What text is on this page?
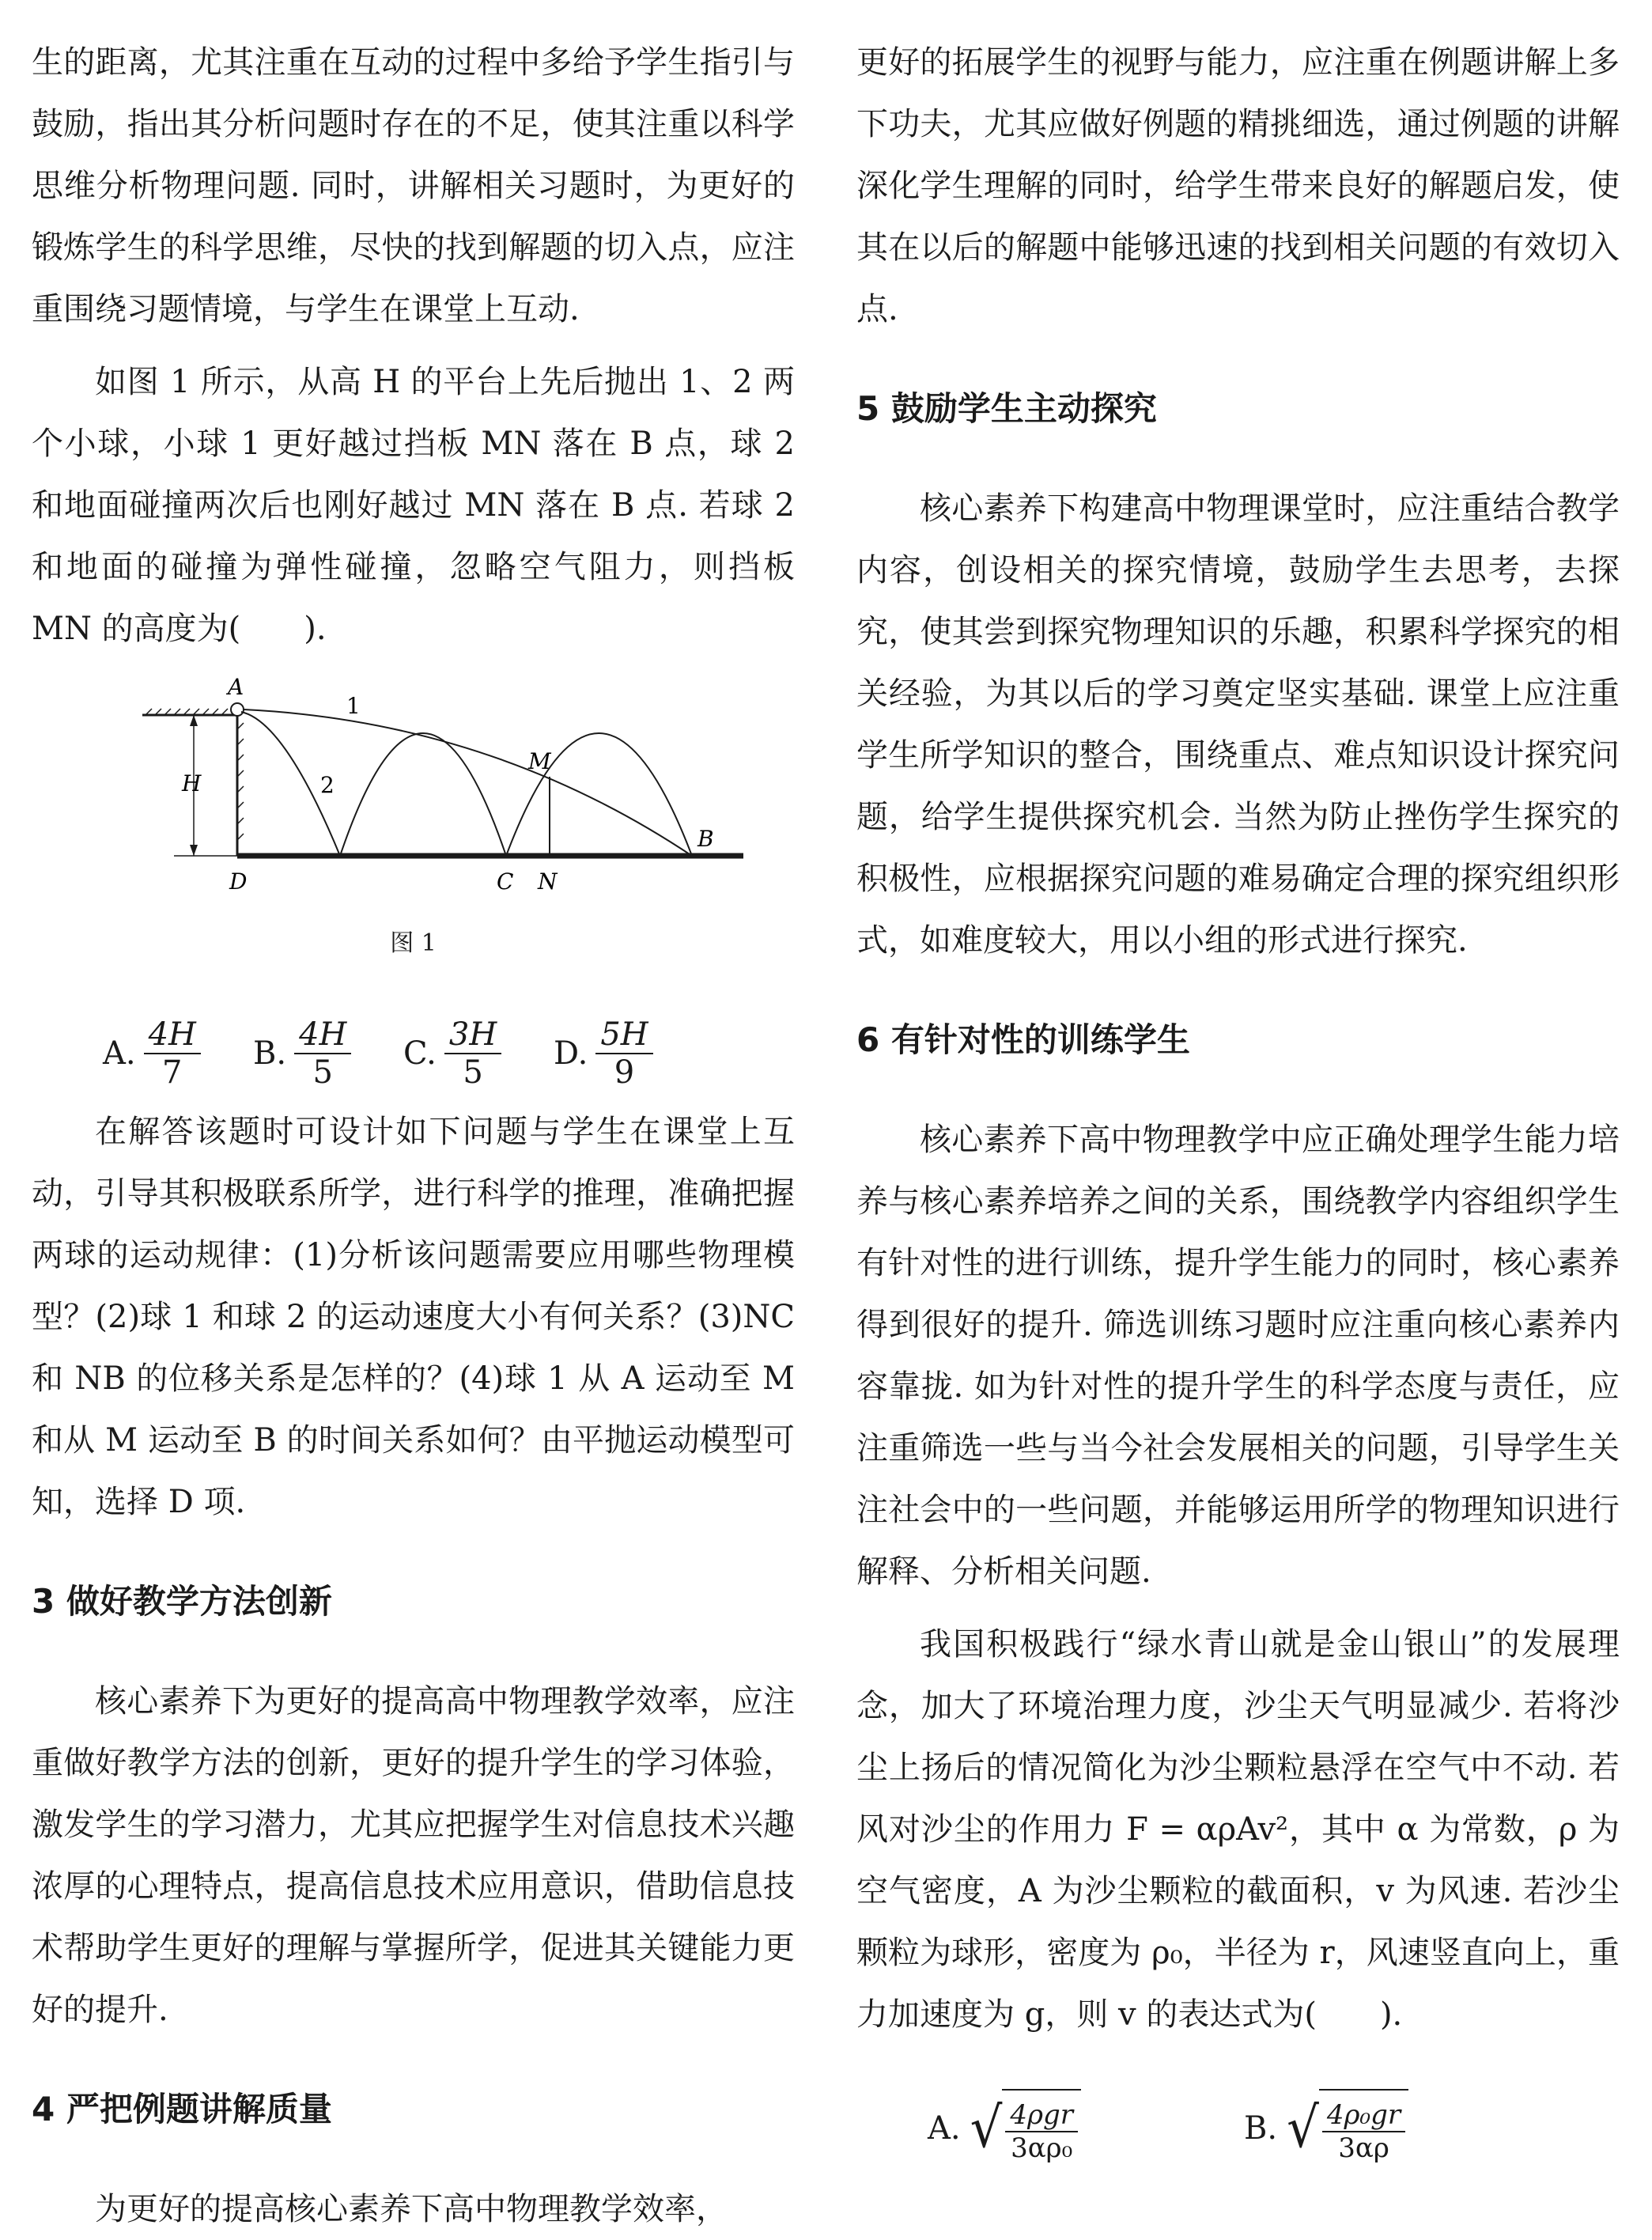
生的距离，尤其注重在互动的过程中多给予学生指引与鼓励，指出其分析问题时存在的不足，使其注重以科学思维分析物理问题. 同时，讲解相关习题时，为更好的锻炼学生的科学思维，尽快的找到解题的切入点，应注重围绕习题情境，与学生在课堂上互动.

如图 1 所示，从高 H 的平台上先后抛出 1、2 两个小球，小球 1 更好越过挡板 MN 落在 B 点，球 2 和地面碰撞两次后也刚好越过 MN 落在 B 点. 若球 2 和地面的碰撞为弹性碰撞，忽略空气阻力，则挡板 MN 的高度为(　　).

A
1
2
H
M
B
D	C N
图 1
A. $\frac{4H}{7} B$. $\frac{4H}{5} C$. $\frac{3H}{5} D$. $\frac{5H}{9}$

在解答该题时可设计如下问题与学生在课堂上互动，引导其积极联系所学，进行科学的推理，准确把握两球的运动规律：(1)分析该问题需要应用哪些物理模型？(2)球 1 和球 2 的运动速度大小有何关系？(3)NC 和 NB 的位移关系是怎样的？(4)球 1 从 A 运动至 M 和从 M 运动至 B 的时间关系如何？由平抛运动模型可知，选择 D 项.

3 做好教学方法创新

核心素养下为更好的提高高中物理教学效率，应注重做好教学方法的创新，更好的提升学生的学习体验，激发学生的学习潜力，尤其应把握学生对信息技术兴趣浓厚的心理特点，提高信息技术应用意识，借助信息技术帮助学生更好的理解与掌握所学，促进其关键能力更好的提升.

4 严把例题讲解质量

为更好的提高核心素养下高中物理教学效率，

更好的拓展学生的视野与能力，应注重在例题讲解上多下功夫，尤其应做好例题的精挑细选，通过例题的讲解深化学生理解的同时，给学生带来良好的解题启发，使其在以后的解题中能够迅速的找到相关问题的有效切入点.

5 鼓励学生主动探究

核心素养下构建高中物理课堂时，应注重结合教学内容，创设相关的探究情境，鼓励学生去思考，去探究，使其尝到探究物理知识的乐趣，积累科学探究的相关经验，为其以后的学习奠定坚实基础. 课堂上应注重学生所学知识的整合，围绕重点、难点知识设计探究问题，给学生提供探究机会. 当然为防止挫伤学生探究的积极性，应根据探究问题的难易确定合理的探究组织形式，如难度较大，用以小组的形式进行探究.

6 有针对性的训练学生

核心素养下高中物理教学中应正确处理学生能力培养与核心素养培养之间的关系，围绕教学内容组织学生有针对性的进行训练，提升学生能力的同时，核心素养得到很好的提升. 筛选训练习题时应注重向核心素养内容靠拢. 如为针对性的提升学生的科学态度与责任，应注重筛选一些与当今社会发展相关的问题，引导学生关注社会中的一些问题，并能够运用所学的物理知识进行解释、分析相关问题.

我国积极践行“绿水青山就是金山银山”的发展理念，加大了环境治理力度，沙尘天气明显减少. 若将沙尘上扬后的情况简化为沙尘颗粒悬浮在空气中不动. 若风对沙尘的作用力 F = αρAv²，其中 α 为常数，ρ 为空气密度，A 为沙尘颗粒的截面积，v 为风速. 若沙尘颗粒为球形，密度为 ρ₀，半径为 r，风速竖直向上，重力加速度为 g，则 v 的表达式为(　　).

A. √ $\frac{\text{4ρgr}}{\text{3αρ₀}}$	B. √ $\frac{\text{4ρ₀gr}}{3\alpha\rho}$
